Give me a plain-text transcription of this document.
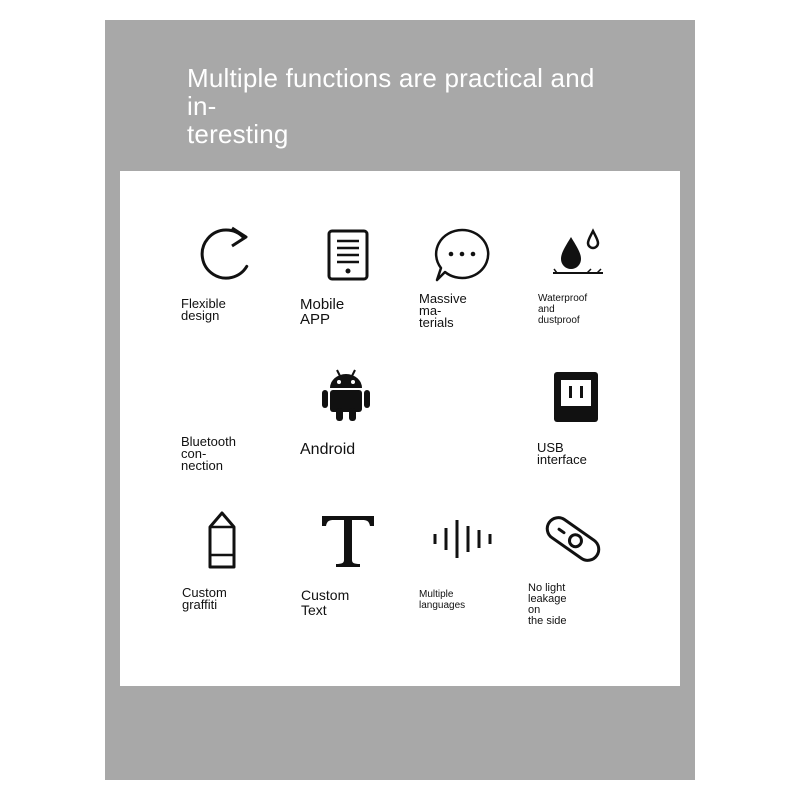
Multiple functions are practical and in-
teresting
Flexible design
Mobile APP
Massive ma-
terials
Waterproof and
dustproof
Bluetooth con-
nection
Android	USB interface
Custom graffiti
Custom Text
Multiple languages
No light leakage on
the side
